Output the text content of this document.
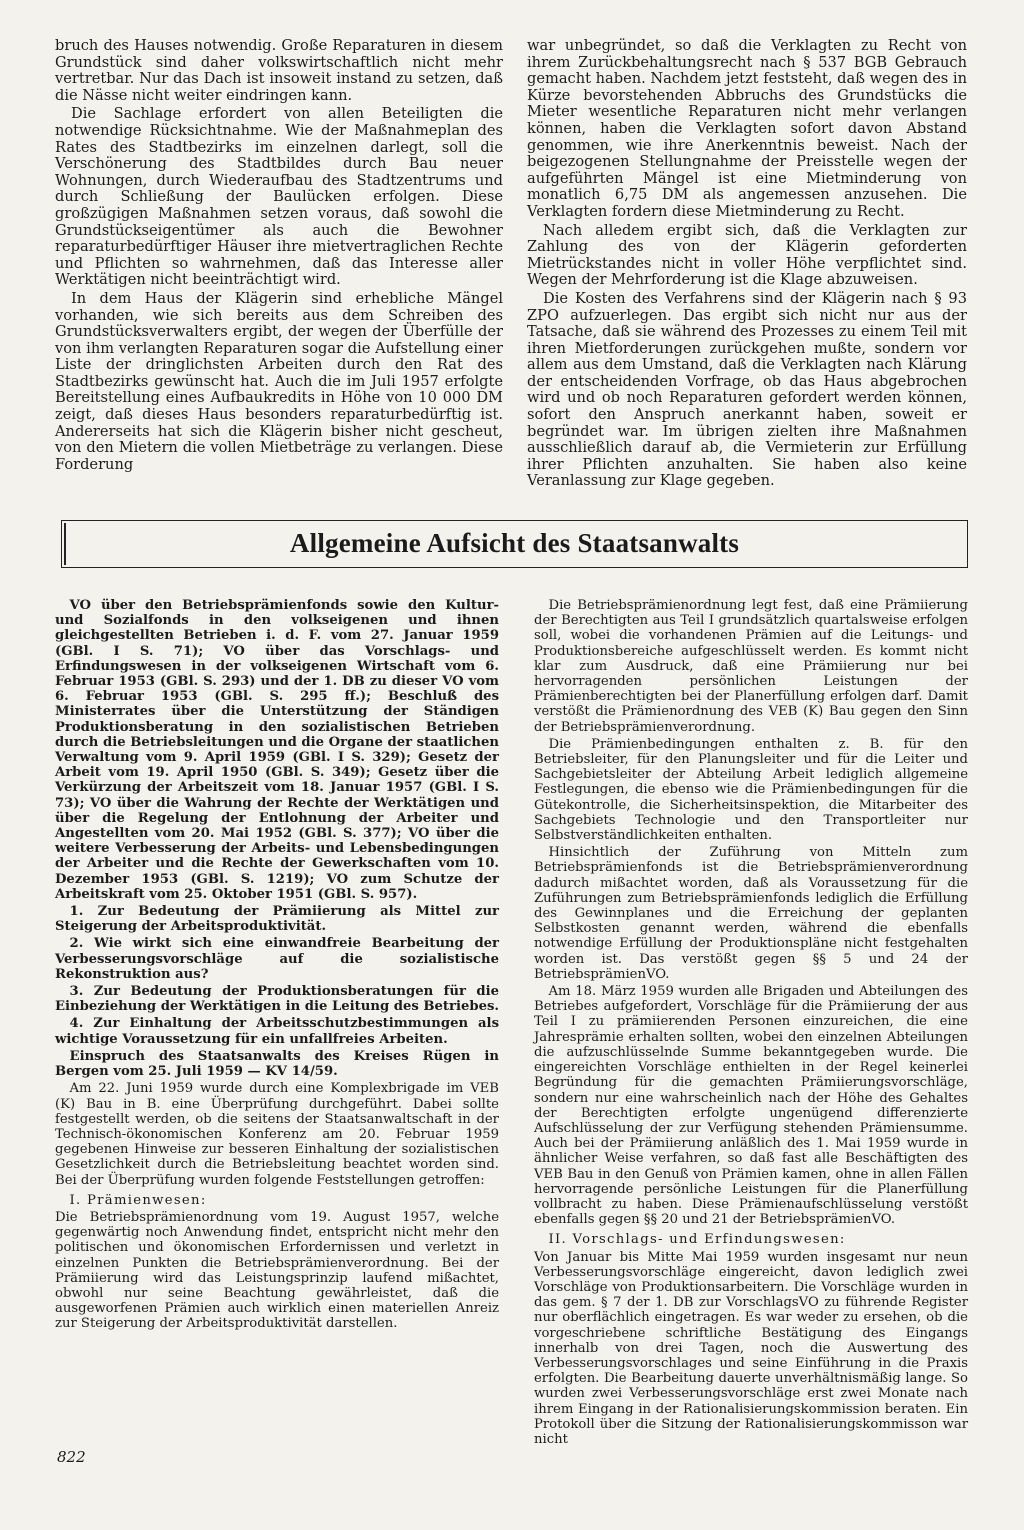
bruch des Hauses notwendig. Große Reparaturen in diesem Grundstück sind daher volkswirtschaftlich nicht mehr vertretbar. Nur das Dach ist insoweit instand zu setzen, daß die Nässe nicht weiter eindringen kann.

Die Sachlage erfordert von allen Beteiligten die notwendige Rücksichtnahme. Wie der Maßnahmeplan des Rates des Stadtbezirks im einzelnen darlegt, soll die Verschönerung des Stadtbildes durch Bau neuer Wohnungen, durch Wiederaufbau des Stadtzentrums und durch Schließung der Baulücken erfolgen. Diese großzügigen Maßnahmen setzen voraus, daß sowohl die Grundstückseigentümer als auch die Bewohner reparaturbedürftiger Häuser ihre mietvertraglichen Rechte und Pflichten so wahrnehmen, daß das Interesse aller Werktätigen nicht beeinträchtigt wird.

In dem Haus der Klägerin sind erhebliche Mängel vorhanden, wie sich bereits aus dem Schreiben des Grundstücksverwalters ergibt, der wegen der Überfülle der von ihm verlangten Reparaturen sogar die Aufstellung einer Liste der dringlichsten Arbeiten durch den Rat des Stadtbezirks gewünscht hat. Auch die im Juli 1957 erfolgte Bereitstellung eines Aufbaukredits in Höhe von 10 000 DM zeigt, daß dieses Haus besonders reparaturbedürftig ist. Andererseits hat sich die Klägerin bisher nicht gescheut, von den Mietern die vollen Mietbeträge zu verlangen. Diese Forderung

war unbegründet, so daß die Verklagten zu Recht von ihrem Zurückbehaltungsrecht nach § 537 BGB Gebrauch gemacht haben. Nachdem jetzt feststeht, daß wegen des in Kürze bevorstehenden Abbruchs des Grundstücks die Mieter wesentliche Reparaturen nicht mehr verlangen können, haben die Verklagten sofort davon Abstand genommen, wie ihre Anerkenntnis beweist. Nach der beigezogenen Stellungnahme der Preisstelle wegen der aufgeführten Mängel ist eine Mietminderung von monatlich 6,75 DM als angemessen anzusehen. Die Verklagten fordern diese Mietminderung zu Recht.

Nach alledem ergibt sich, daß die Verklagten zur Zahlung des von der Klägerin geforderten Mietrückstandes nicht in voller Höhe verpflichtet sind. Wegen der Mehrforderung ist die Klage abzuweisen.

Die Kosten des Verfahrens sind der Klägerin nach § 93 ZPO aufzuerlegen. Das ergibt sich nicht nur aus der Tatsache, daß sie während des Prozesses zu einem Teil mit ihren Mietforderungen zurückgehen mußte, sondern vor allem aus dem Umstand, daß die Verklagten nach Klärung der entscheidenden Vorfrage, ob das Haus abgebrochen wird und ob noch Reparaturen gefordert werden können, sofort den Anspruch anerkannt haben, soweit er begründet war. Im übrigen zielten ihre Maßnahmen ausschließlich darauf ab, die Vermieterin zur Erfüllung ihrer Pflichten anzuhalten. Sie haben also keine Veranlassung zur Klage gegeben.

Allgemeine Aufsicht des Staatsanwalts

VO über den Betriebsprämienfonds sowie den Kultur- und Sozialfonds in den volkseigenen und ihnen gleichgestellten Betrieben i. d. F. vom 27. Januar 1959 (GBl. I S. 71); VO über das Vorschlags- und Erfindungswesen in der volkseigenen Wirtschaft vom 6. Februar 1953 (GBl. S. 293) und der 1. DB zu dieser VO vom 6. Februar 1953 (GBl. S. 295 ff.); Beschluß des Ministerrates über die Unterstützung der Ständigen Produktionsberatung in den sozialistischen Betrieben durch die Betriebsleitungen und die Organe der staatlichen Verwaltung vom 9. April 1959 (GBl. I S. 329); Gesetz der Arbeit vom 19. April 1950 (GBl. S. 349); Gesetz über die Verkürzung der Arbeitszeit vom 18. Januar 1957 (GBl. I S. 73); VO über die Wahrung der Rechte der Werktätigen und über die Regelung der Entlohnung der Arbeiter und Angestellten vom 20. Mai 1952 (GBl. S. 377); VO über die weitere Verbesserung der Arbeits- und Lebensbedingungen der Arbeiter und die Rechte der Gewerkschaften vom 10. Dezember 1953 (GBl. S. 1219); VO zum Schutze der Arbeitskraft vom 25. Oktober 1951 (GBl. S. 957).

1. Zur Bedeutung der Prämiierung als Mittel zur Steigerung der Arbeitsproduktivität.

2. Wie wirkt sich eine einwandfreie Bearbeitung der Verbesserungsvorschläge auf die sozialistische Rekonstruktion aus?

3. Zur Bedeutung der Produktionsberatungen für die Einbeziehung der Werktätigen in die Leitung des Betriebes.

4. Zur Einhaltung der Arbeitsschutzbestimmungen als wichtige Voraussetzung für ein unfallfreies Arbeiten.

Einspruch des Staatsanwalts des Kreises Rügen in Bergen vom 25. Juli 1959 — KV 14/59.

Am 22. Juni 1959 wurde durch eine Komplexbrigade im VEB (K) Bau in B. eine Überprüfung durchgeführt. Dabei sollte festgestellt werden, ob die seitens der Staatsanwaltschaft in der Technisch-ökonomischen Konferenz am 20. Februar 1959 gegebenen Hinweise zur besseren Einhaltung der sozialistischen Gesetzlichkeit durch die Betriebsleitung beachtet worden sind. Bei der Überprüfung wurden folgende Feststellungen getroffen:

I. Prämienwesen:

Die Betriebsprämienordnung vom 19. August 1957, welche gegenwärtig noch Anwendung findet, entspricht nicht mehr den politischen und ökonomischen Erfordernissen und verletzt in einzelnen Punkten die Betriebsprämienverordnung. Bei der Prämiierung wird das Leistungsprinzip laufend mißachtet, obwohl nur seine Beachtung gewährleistet, daß die ausgeworfenen Prämien auch wirklich einen materiellen Anreiz zur Steigerung der Arbeitsproduktivität darstellen.

Die Betriebsprämienordnung legt fest, daß eine Prämiierung der Berechtigten aus Teil I grundsätzlich quartalsweise erfolgen soll, wobei die vorhandenen Prämien auf die Leitungs- und Produktionsbereiche aufgeschlüsselt werden. Es kommt nicht klar zum Ausdruck, daß eine Prämiierung nur bei hervorragenden persönlichen Leistungen der Prämienberechtigten bei der Planerfüllung erfolgen darf. Damit verstößt die Prämienordnung des VEB (K) Bau gegen den Sinn der Betriebsprämienverordnung.

Die Prämienbedingungen enthalten z. B. für den Betriebsleiter, für den Planungsleiter und für die Leiter und Sachgebietsleiter der Abteilung Arbeit lediglich allgemeine Festlegungen, die ebenso wie die Prämienbedingungen für die Gütekontrolle, die Sicherheitsinspektion, die Mitarbeiter des Sachgebiets Technologie und den Transportleiter nur Selbstverständlichkeiten enthalten.

Hinsichtlich der Zuführung von Mitteln zum Betriebsprämienfonds ist die Betriebsprämienverordnung dadurch mißachtet worden, daß als Voraussetzung für die Zuführungen zum Betriebsprämienfonds lediglich die Erfüllung des Gewinnplanes und die Erreichung der geplanten Selbstkosten genannt werden, während die ebenfalls notwendige Erfüllung der Produktionspläne nicht festgehalten worden ist. Das verstößt gegen §§ 5 und 24 der BetriebsprämienVO.

Am 18. März 1959 wurden alle Brigaden und Abteilungen des Betriebes aufgefordert, Vorschläge für die Prämiierung der aus Teil I zu prämiierenden Personen einzureichen, die eine Jahresprämie erhalten sollten, wobei den einzelnen Abteilungen die aufzuschlüsselnde Summe bekanntgegeben wurde. Die eingereichten Vorschläge enthielten in der Regel keinerlei Begründung für die gemachten Prämiierungsvorschläge, sondern nur eine wahrscheinlich nach der Höhe des Gehaltes der Berechtigten erfolgte ungenügend differenzierte Aufschlüsselung der zur Verfügung stehenden Prämiensumme. Auch bei der Prämiierung anläßlich des 1. Mai 1959 wurde in ähnlicher Weise verfahren, so daß fast alle Beschäftigten des VEB Bau in den Genuß von Prämien kamen, ohne in allen Fällen hervorragende persönliche Leistungen für die Planerfüllung vollbracht zu haben. Diese Prämienaufschlüsselung verstößt ebenfalls gegen §§ 20 und 21 der BetriebsprämienVO.

II. Vorschlags- und Erfindungswesen:

Von Januar bis Mitte Mai 1959 wurden insgesamt nur neun Verbesserungsvorschläge eingereicht, davon lediglich zwei Vorschläge von Produktionsarbeitern. Die Vorschläge wurden in das gem. § 7 der 1. DB zur VorschlagsVO zu führende Register nur oberflächlich eingetragen. Es war weder zu ersehen, ob die vorgeschriebene schriftliche Bestätigung des Eingangs innerhalb von drei Tagen, noch die Auswertung des Verbesserungsvorschlages und seine Einführung in die Praxis erfolgten. Die Bearbeitung dauerte unverhältnismäßig lange. So wurden zwei Verbesserungsvorschläge erst zwei Monate nach ihrem Eingang in der Rationalisierungskommission beraten. Ein Protokoll über die Sitzung der Rationalisierungskommisson war nicht

822
